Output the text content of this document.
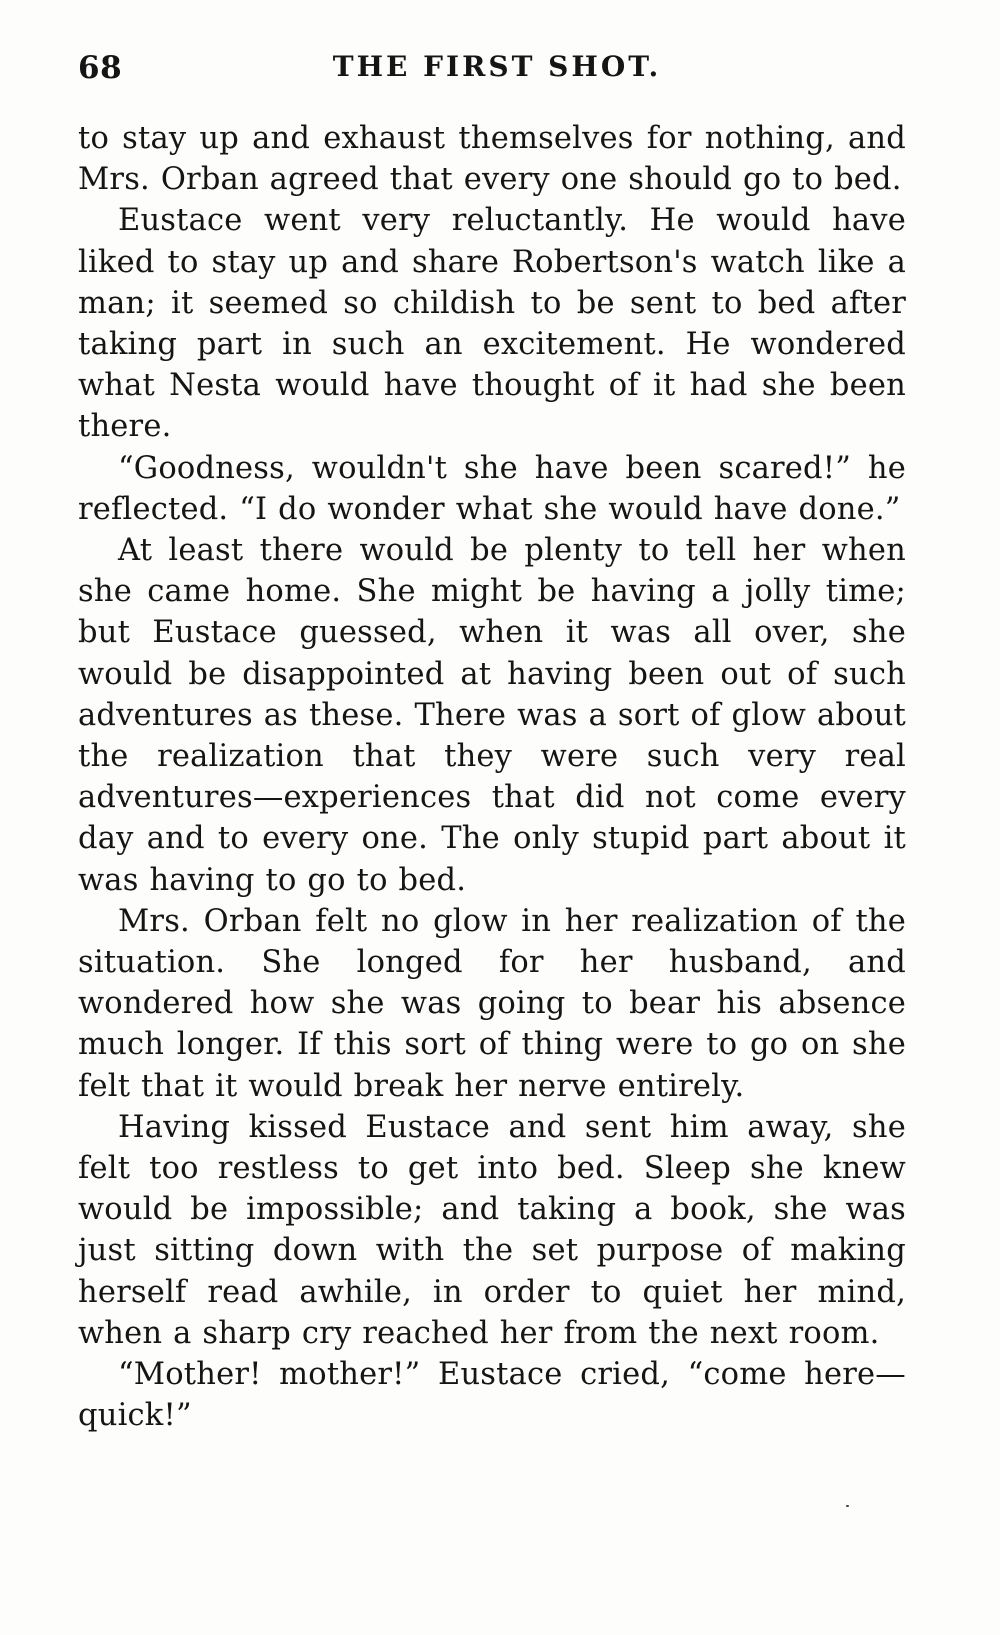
68	THE FIRST SHOT.

to stay up and exhaust themselves for nothing, and Mrs. Orban agreed that every one should go to bed.

Eustace went very reluctantly. He would have liked to stay up and share Robertson's watch like a man; it seemed so childish to be sent to bed after taking part in such an excitement. He wondered what Nesta would have thought of it had she been there.

“Goodness, wouldn't she have been scared!” he reflected. “I do wonder what she would have done.”

At least there would be plenty to tell her when she came home. She might be having a jolly time; but Eustace guessed, when it was all over, she would be disappointed at having been out of such adventures as these. There was a sort of glow about the realization that they were such very real adventures—experiences that did not come every day and to every one. The only stupid part about it was having to go to bed.

Mrs. Orban felt no glow in her realization of the situation. She longed for her husband, and wondered how she was going to bear his absence much longer. If this sort of thing were to go on she felt that it would break her nerve entirely.

Having kissed Eustace and sent him away, she felt too restless to get into bed. Sleep she knew would be impossible; and taking a book, she was just sitting down with the set purpose of making herself read awhile, in order to quiet her mind, when a sharp cry reached her from the next room.

“Mother! mother!” Eustace cried, “come here—quick!”
